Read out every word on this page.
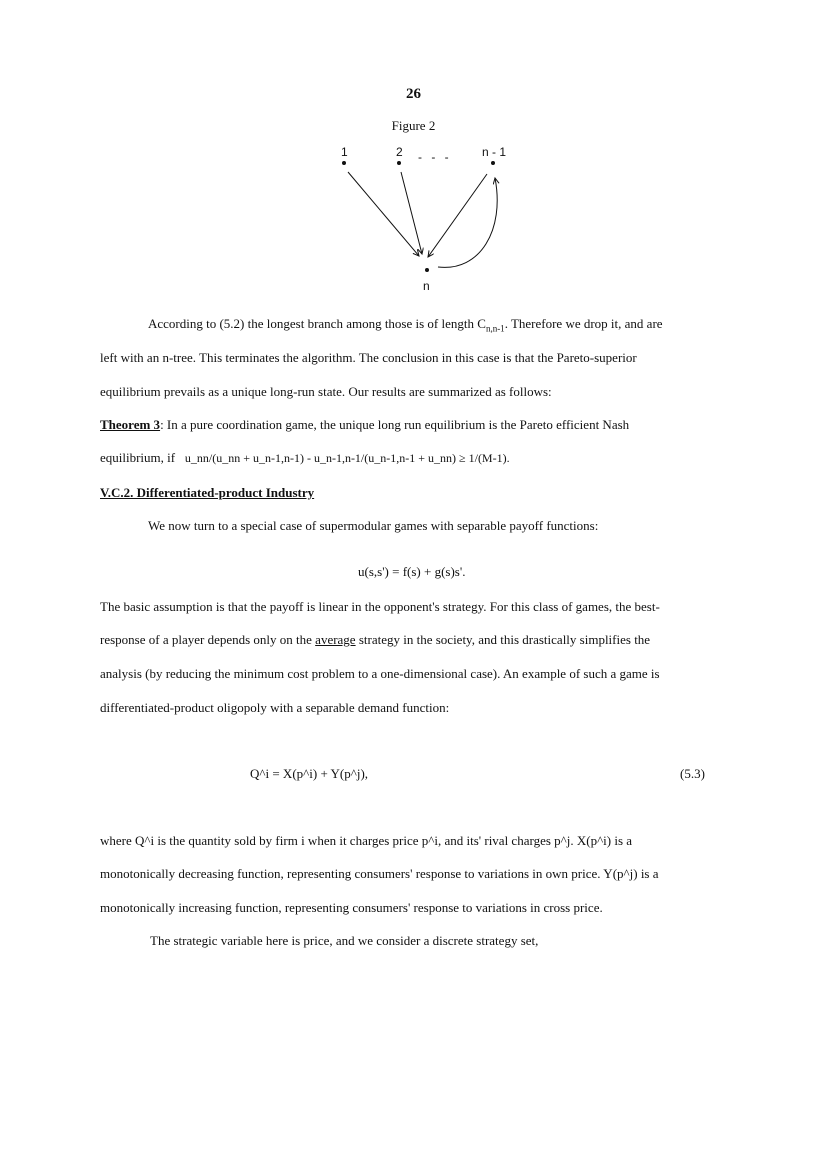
26
Figure 2
1	2 - - -	n - 1
n
According to (5.2) the longest branch among those is of length $C_{n,n-1}$. Therefore we drop it, and are
left with an n-tree. This terminates the algorithm. The conclusion in this case is that the Pareto-superior
equilibrium prevails as a unique long-run state. Our results are summarized as follows:
Theorem 3: In a pure coordination game, the unique long run equilibrium is the Pareto efficient Nash
equilibrium, if u_nn/(u_nn + u_n-1,n-1) - u_n-1,n-1/(u_n-1,n-1 + u_nn) ≥ 1/(M-1).
V.C.2. Differentiated-product Industry
We now turn to a special case of supermodular games with separable payoff functions:
u(s,s') = f(s) + g(s)s'.
The basic assumption is that the payoff is linear in the opponent's strategy. For this class of games, the best-
response of a player depends only on the average strategy in the society, and this drastically simplifies the
analysis (by reducing the minimum cost problem to a one-dimensional case). An example of such a game is
differentiated-product oligopoly with a separable demand function:
Q^i = X(p^i) + Y(p^j),	(5.3)
where Q^i is the quantity sold by firm i when it charges price p^i, and its' rival charges p^j. X(p^i) is a
monotonically decreasing function, representing consumers' response to variations in own price. Y(p^j) is a
monotonically increasing function, representing consumers' response to variations in cross price.
The strategic variable here is price, and we consider a discrete strategy set,
